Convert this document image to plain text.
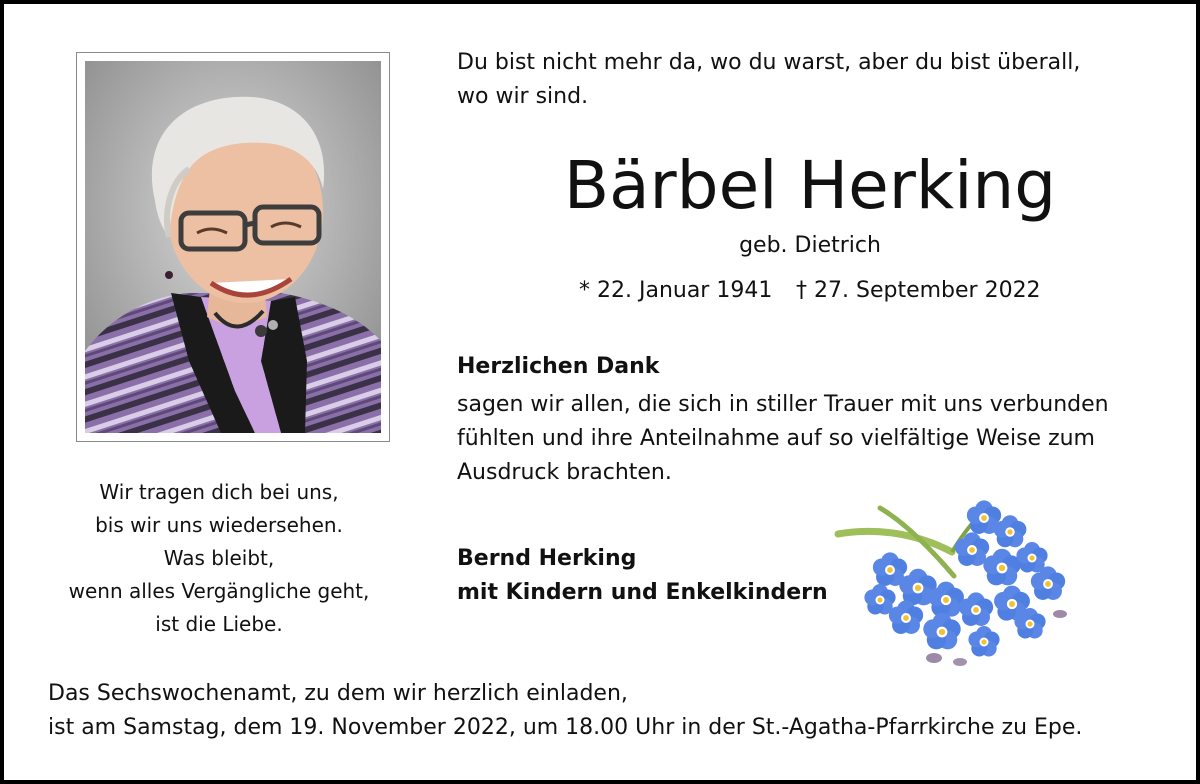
Du bist nicht mehr da, wo du warst, aber du bist überall,
wo wir sind.
Bärbel Herking
geb. Dietrich
* 22. Januar 1941 † 27. September 2022
Herzlichen Dank
sagen wir allen, die sich in stiller Trauer mit uns verbunden
fühlten und ihre Anteilnahme auf so vielfältige Weise zum
Ausdruck brachten.
Bernd Herking
mit Kindern und Enkelkindern
Wir tragen dich bei uns,
bis wir uns wiedersehen.
Was bleibt,
wenn alles Vergängliche geht,
ist die Liebe.
Das Sechswochenamt, zu dem wir herzlich einladen,
ist am Samstag, dem 19. November 2022, um 18.00 Uhr in der St.-Agatha-Pfarrkirche zu Epe.
